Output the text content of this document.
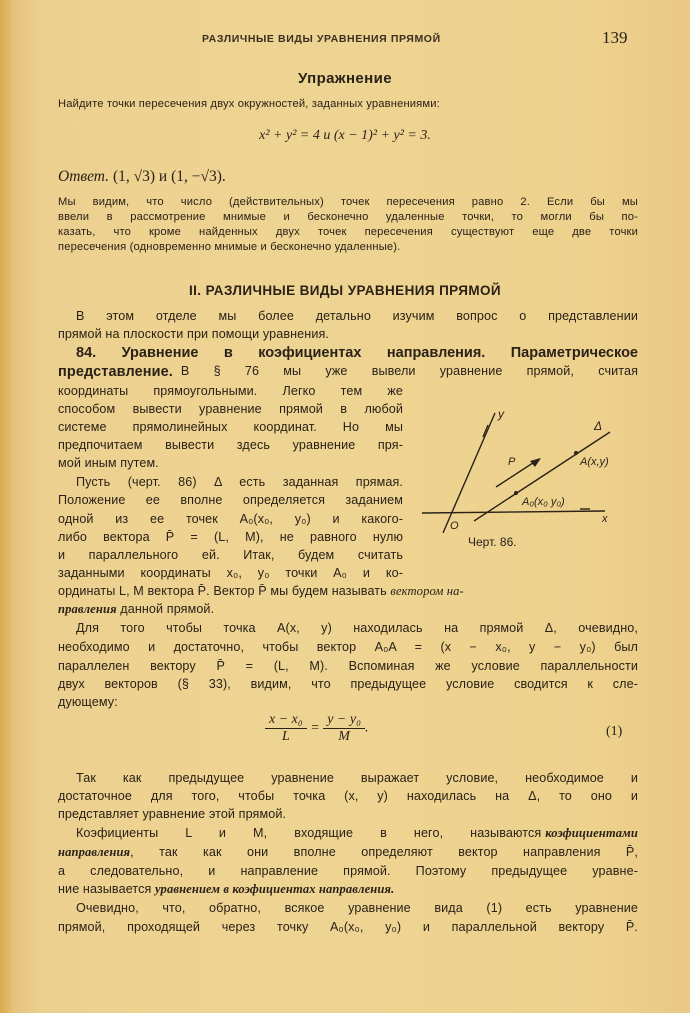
РАЗЛИЧНЫЕ ВИДЫ УРАВНЕНИЯ ПРЯМОЙ	139
Упражнение
Найдите точки пересечения двух окружностей, заданных уравнениями:
x² + y² = 4 и (x − 1)² + y² = 3.
Ответ. (1, √3) и (1, −√3).
Мы видим, что число (действительных) точек пересечения равно 2. Если бы мы
ввели в рассмотрение мнимые и бесконечно удаленные точки, то могли бы по-
казать, что кроме найденных двух точек пересечения существуют еще две точки
пересечения (одновременно мнимые и бесконечно удаленные).
II. РАЗЛИЧНЫЕ ВИДЫ УРАВНЕНИЯ ПРЯМОЙ
В этом отделе мы более детально изучим вопрос о представлении
прямой на плоскости при помощи уравнения.
84. Уравнение в коэфициентах направления. Параметрическое
представление. В § 76 мы уже вывели уравнение прямой, считая
координаты прямоугольными. Легко тем же
способом вывести уравнение прямой в любой
системе прямолинейных координат. Но мы
предпочитаем вывести здесь уравнение пря-
мой иным путем.
Пусть (черт. 86) Δ есть заданная прямая.
Положение ее вполне определяется заданием
одной из ее точек A₀(x₀, y₀) и какого-
либо вектора P̄ = (L, M), не равного нулю
и параллельного ей. Итак, будем считать
заданными координаты x₀, y₀ точки A₀ и ко-
y
x
O
Δ
P	A(x,y)
A₀(x₀ y₀)
Черт. 86.
ординаты L, M вектора P̄. Вектор P̄ мы будем называть вектором на-
правления данной прямой.
Для того чтобы точка A(x, y) находилась на прямой Δ, очевидно,
необходимо и достаточно, чтобы вектор A₀A = (x − x₀, y − y₀) был
параллелен вектору P̄ = (L, M). Вспоминая же условие параллельности
двух векторов (§ 33), видим, что предыдущее условие сводится к сле-
дующему:
$\frac{\text{x − x₀}}{L} = \frac{\text{y − y₀}}{M}$ .	(1)
Так как предыдущее уравнение выражает условие, необходимое и
достаточное для того, чтобы точка (x, y) находилась на Δ, то оно и
представляет уравнение этой прямой.
Коэфициенты L и M, входящие в него, называются коэфициентами
направления , так как они вполне определяют вектор направления P̄,
а следовательно, и направление прямой. Поэтому предыдущее уравне-
ние называется уравнением в коэфициентах направления.
Очевидно, что, обратно, всякое уравнение вида (1) есть уравнение
прямой, проходящей через точку A₀(x₀, y₀) и параллельной вектору P̄.
